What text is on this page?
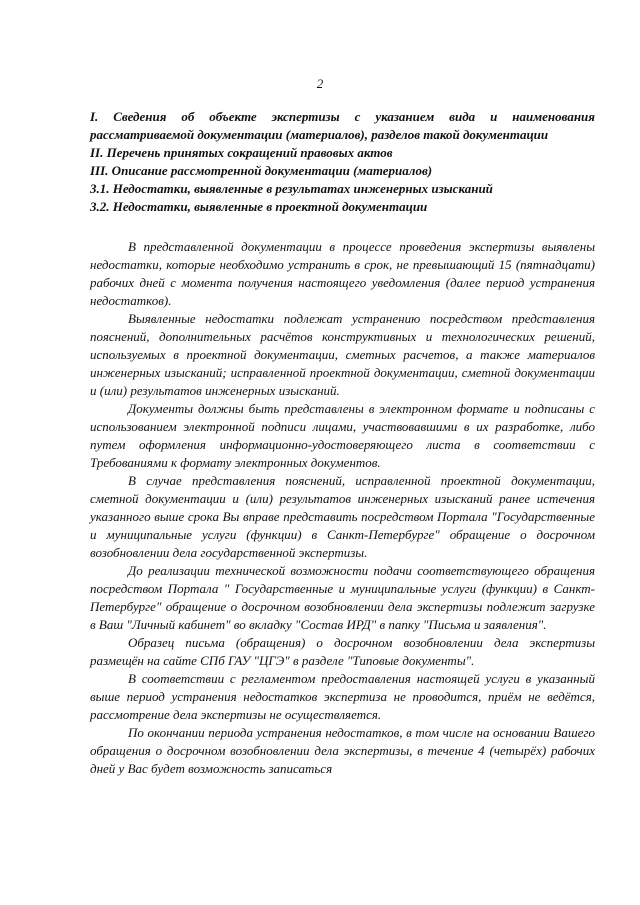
2
I. Сведения об объекте экспертизы с указанием вида и наименования рассматриваемой документации (материалов), разделов такой документации
II. Перечень принятых сокращений правовых актов
III. Описание рассмотренной документации (материалов)
3.1. Недостатки, выявленные в результатах инженерных изысканий
3.2. Недостатки, выявленные в проектной документации

В представленной документации в процессе проведения экспертизы выявлены недостатки, которые необходимо устранить в срок, не превышающий 15 (пятнадцати) рабочих дней с момента получения настоящего уведомления (далее период устранения недостатков).

Выявленные недостатки подлежат устранению посредством представления пояснений, дополнительных расчётов конструктивных и технологических решений, используемых в проектной документации, сметных расчетов, а также материалов инженерных изысканий; исправленной проектной документации, сметной документации и (или) результатов инженерных изысканий.

Документы должны быть представлены в электронном формате и подписаны с использованием электронной подписи лицами, участвовавшими в их разработке, либо путем оформления информационно-удостоверяющего листа в соответствии с Требованиями к формату электронных документов.

В случае представления пояснений, исправленной проектной документации, сметной документации и (или) результатов инженерных изысканий ранее истечения указанного выше срока Вы вправе представить посредством Портала "Государственные и муниципальные услуги (функции) в Санкт-Петербурге" обращение о досрочном возобновлении дела государственной экспертизы.

До реализации технической возможности подачи соответствующего обращения посредством Портала " Государственные и муниципальные услуги (функции) в Санкт-Петербурге" обращение о досрочном возобновлении дела экспертизы подлежит загрузке в Ваш "Личный кабинет" во вкладку "Состав ИРД" в папку "Письма и заявления".

Образец письма (обращения) о досрочном возобновлении дела экспертизы размещён на сайте СПб ГАУ "ЦГЭ" в разделе "Типовые документы".

В соответствии с регламентом предоставления настоящей услуги в указанный выше период устранения недостатков экспертиза не проводится, приём не ведётся, рассмотрение дела экспертизы не осуществляется.

По окончании периода устранения недостатков, в том числе на основании Вашего обращения о досрочном возобновлении дела экспертизы, в течение 4 (четырёх) рабочих дней у Вас будет возможность записаться
